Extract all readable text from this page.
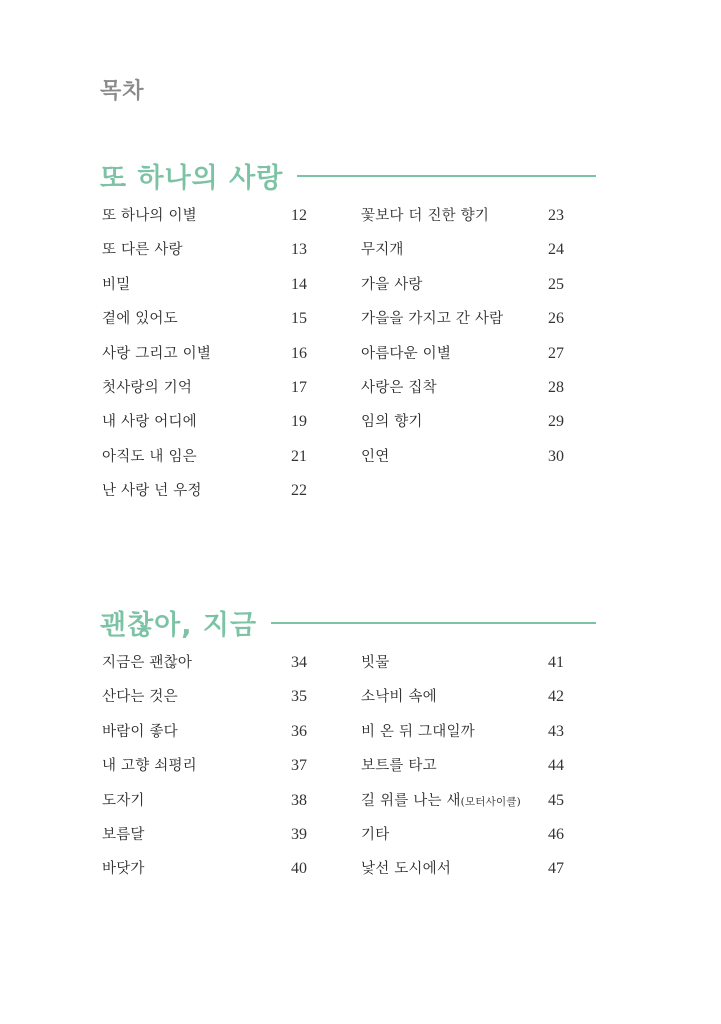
목차
또 하나의 사랑
또 하나의 이별	12
또 다른 사랑	13
비밀	14
곁에 있어도	15
사랑 그리고 이별	16
첫사랑의 기억	17
내 사랑 어디에	19
아직도 내 임은	21
난 사랑 넌 우정	22
꽃보다 더 진한 향기	23
무지개	24
가을 사랑	25
가을을 가지고 간 사람	26
아름다운 이별	27
사랑은 집착	28
임의 향기	29
인연	30
괜찮아, 지금
지금은 괜찮아	34
산다는 것은	35
바람이 좋다	36
내 고향 쇠평리	37
도자기	38
보름달	39
바닷가	40
빗물	41
소낙비 속에	42
비 온 뒤 그대일까	43
보트를 타고	44
길 위를 나는 새(모터사이클) 45
기타	46
낯선 도시에서	47
